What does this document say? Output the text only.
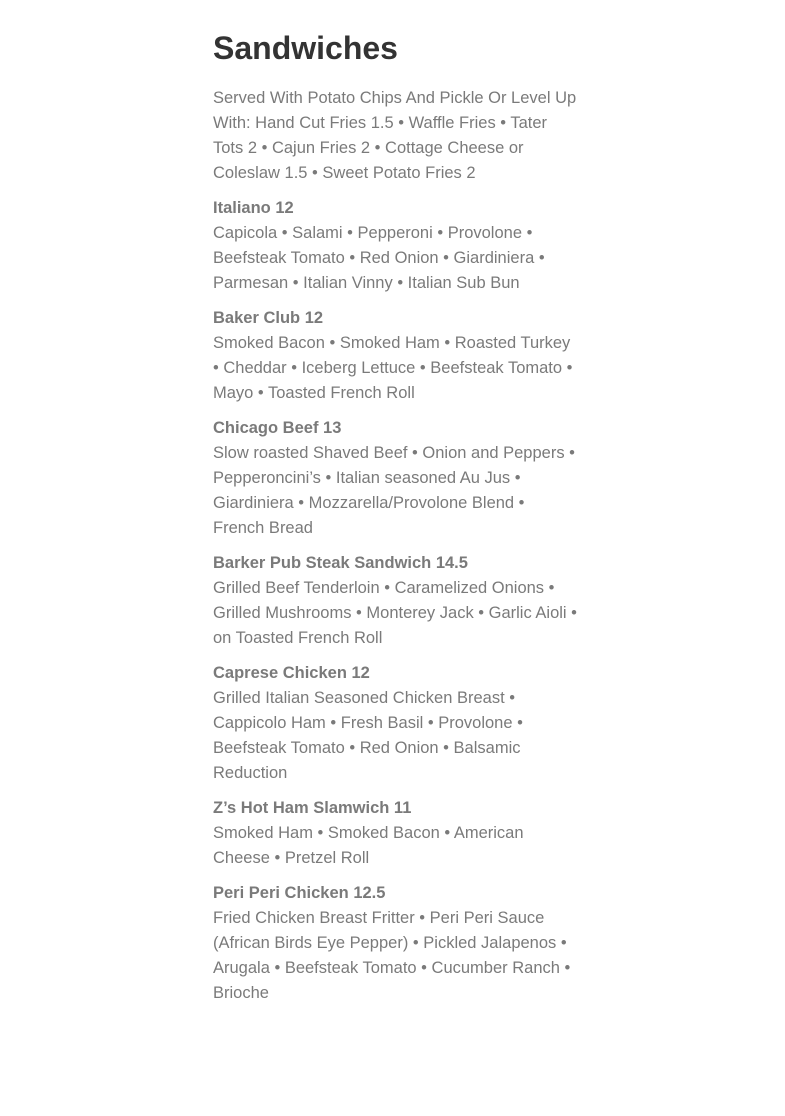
Sandwiches

Served With Potato Chips And Pickle Or Level Up With: Hand Cut Fries 1.5 • Waffle Fries • Tater Tots 2 • Cajun Fries 2 • Cottage Cheese or Coleslaw 1.5 • Sweet Potato Fries 2

Italiano 12

Capicola • Salami • Pepperoni • Provolone • Beefsteak Tomato • Red Onion • Giardiniera • Parmesan • Italian Vinny • Italian Sub Bun

Baker Club 12

Smoked Bacon • Smoked Ham • Roasted Turkey • Cheddar • Iceberg Lettuce • Beefsteak Tomato • Mayo • Toasted French Roll

Chicago Beef 13

Slow roasted Shaved Beef • Onion and Peppers • Pepperoncini’s • Italian seasoned Au Jus • Giardiniera • Mozzarella/Provolone Blend • French Bread

Barker Pub Steak Sandwich 14.5

Grilled Beef Tenderloin • Caramelized Onions • Grilled Mushrooms • Monterey Jack • Garlic Aioli • on Toasted French Roll

Caprese Chicken 12

Grilled Italian Seasoned Chicken Breast • Cappicolo Ham • Fresh Basil • Provolone • Beefsteak Tomato • Red Onion • Balsamic Reduction

Z’s Hot Ham Slamwich 11

Smoked Ham • Smoked Bacon • American Cheese • Pretzel Roll

Peri Peri Chicken 12.5

Fried Chicken Breast Fritter • Peri Peri Sauce (African Birds Eye Pepper) • Pickled Jalapenos • Arugala • Beefsteak Tomato • Cucumber Ranch • Brioche
